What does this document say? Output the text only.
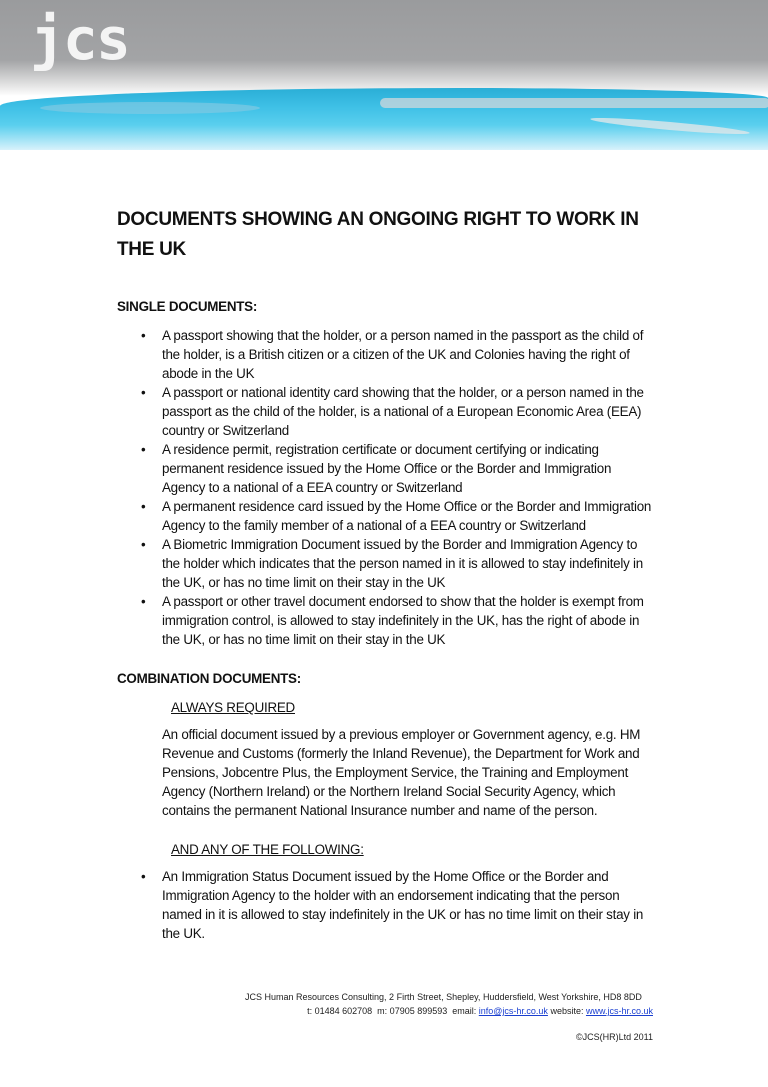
jcs
DOCUMENTS SHOWING AN ONGOING RIGHT TO WORK IN THE UK
SINGLE DOCUMENTS:
• A passport showing that the holder, or a person named in the passport as the child of the holder, is a British citizen or a citizen of the UK and Colonies having the right of abode in the UK
• A passport or national identity card showing that the holder, or a person named in the passport as the child of the holder, is a national of a European Economic Area (EEA) country or Switzerland
• A residence permit, registration certificate or document certifying or indicating permanent residence issued by the Home Office or the Border and Immigration Agency to a national of a EEA country or Switzerland
• A permanent residence card issued by the Home Office or the Border and Immigration Agency to the family member of a national of a EEA country or Switzerland
• A Biometric Immigration Document issued by the Border and Immigration Agency to the holder which indicates that the person named in it is allowed to stay indefinitely in the UK, or has no time limit on their stay in the UK
• A passport or other travel document endorsed to show that the holder is exempt from immigration control, is allowed to stay indefinitely in the UK, has the right of abode in the UK, or has no time limit on their stay in the UK
COMBINATION DOCUMENTS:
ALWAYS REQUIRED

An official document issued by a previous employer or Government agency, e.g. HM Revenue and Customs (formerly the Inland Revenue), the Department for Work and Pensions, Jobcentre Plus, the Employment Service, the Training and Employment Agency (Northern Ireland) or the Northern Ireland Social Security Agency, which contains the permanent National Insurance number and name of the person.

AND ANY OF THE FOLLOWING:
• An Immigration Status Document issued by the Home Office or the Border and Immigration Agency to the holder with an endorsement indicating that the person named in it is allowed to stay indefinitely in the UK or has no time limit on their stay in the UK.
JCS Human Resources Consulting, 2 Firth Street, Shepley, Huddersfield, West Yorkshire, HD8 8DD
t: 01484 602708  m: 07905 899593  email: info@jcs-hr.co.uk website: www.jcs-hr.co.uk
©JCS(HR)Ltd 2011
